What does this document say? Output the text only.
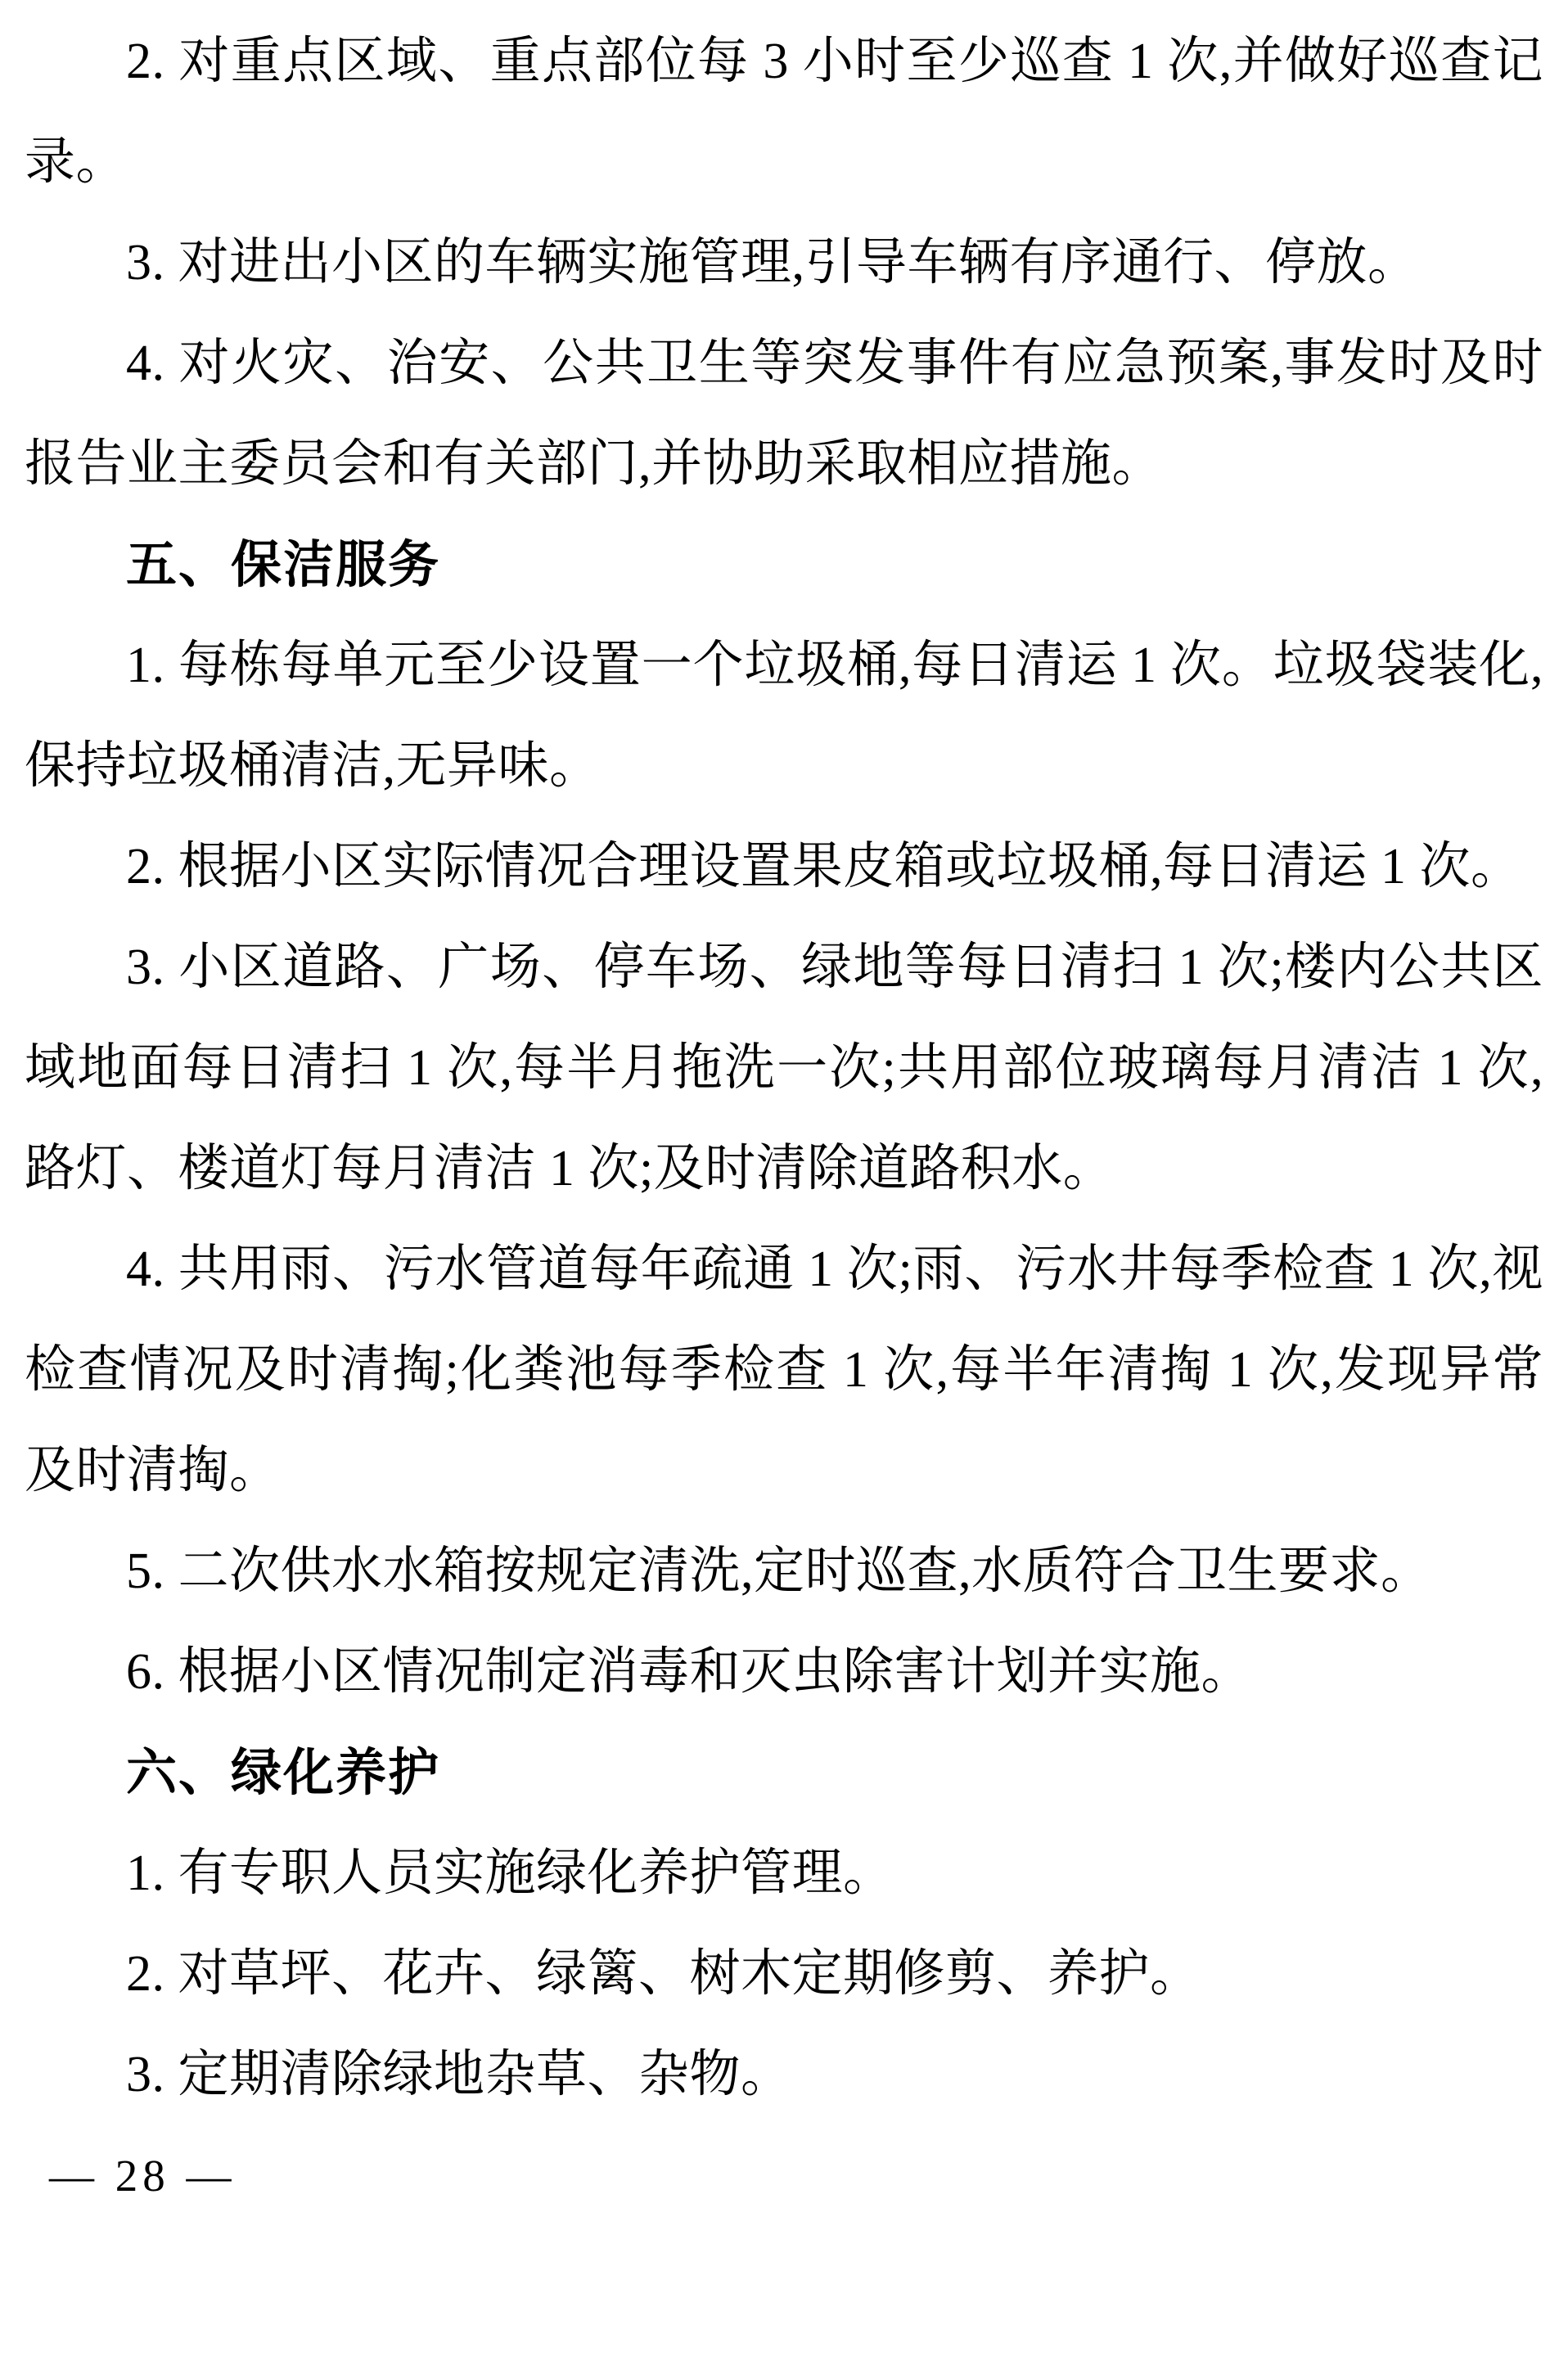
2. 对重点区域、重点部位每 3 小时至少巡查 1 次,并做好巡查记录。

3. 对进出小区的车辆实施管理,引导车辆有序通行、停放。

4. 对火灾、治安、公共卫生等突发事件有应急预案,事发时及时报告业主委员会和有关部门,并协助采取相应措施。

五、保洁服务

1. 每栋每单元至少设置一个垃圾桶,每日清运 1 次。垃圾袋装化,保持垃圾桶清洁,无异味。

2. 根据小区实际情况合理设置果皮箱或垃圾桶,每日清运 1 次。

3. 小区道路、广场、停车场、绿地等每日清扫 1 次;楼内公共区域地面每日清扫 1 次,每半月拖洗一次;共用部位玻璃每月清洁 1 次,路灯、楼道灯每月清洁 1 次;及时清除道路积水。

4. 共用雨、污水管道每年疏通 1 次;雨、污水井每季检查 1 次,视检查情况及时清掏;化粪池每季检查 1 次,每半年清掏 1 次,发现异常及时清掏。

5. 二次供水水箱按规定清洗,定时巡查,水质符合卫生要求。

6. 根据小区情况制定消毒和灭虫除害计划并实施。

六、绿化养护

1. 有专职人员实施绿化养护管理。

2. 对草坪、花卉、绿篱、树木定期修剪、养护。

3. 定期清除绿地杂草、杂物。

— 28 —
